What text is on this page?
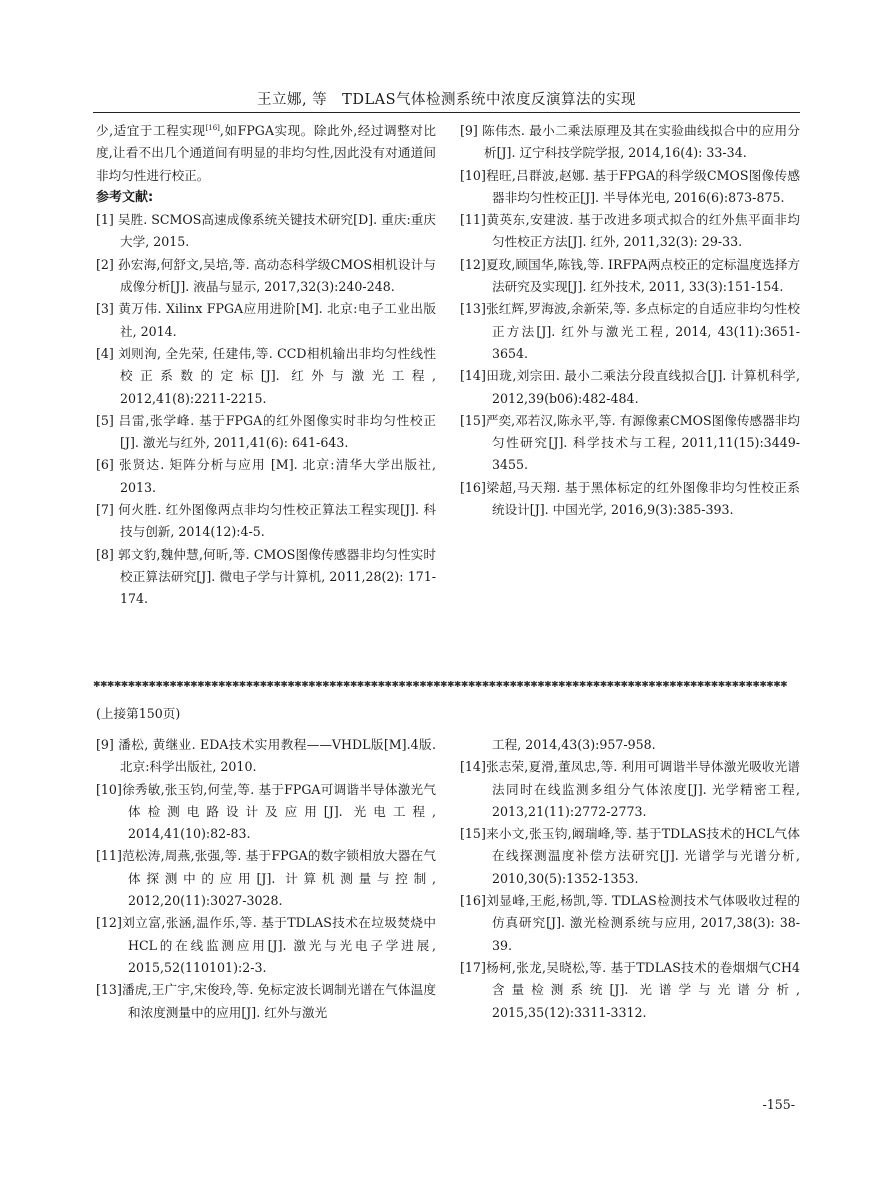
王立娜, 等　TDLAS气体检测系统中浓度反演算法的实现
少,适宜于工程实现[16],如FPGA实现。除此外,经过调整对比度,让看不出几个通道间有明显的非均匀性,因此没有对通道间非均匀性进行校正。
参考文献:
[1] 吴胜. SCMOS高速成像系统关键技术研究[D]. 重庆:重庆大学, 2015.
[2] 孙宏海,何舒文,吴培,等. 高动态科学级CMOS相机设计与成像分析[J]. 液晶与显示, 2017,32(3):240-248.
[3] 黄万伟. Xilinx FPGA应用进阶[M]. 北京:电子工业出版社, 2014.
[4] 刘则洵, 全先荣, 任建伟,等. CCD相机输出非均匀性线性校正系数的定标[J]. 红外与激光工程, 2012,41(8):2211-2215.
[5] 吕雷,张学峰. 基于FPGA的红外图像实时非均匀性校正[J]. 激光与红外, 2011,41(6): 641-643.
[6] 张贤达. 矩阵分析与应用 [M]. 北京:清华大学出版社, 2013.
[7] 何火胜. 红外图像两点非均匀性校正算法工程实现[J]. 科技与创新, 2014(12):4-5.
[8] 郭文豹,魏仲慧,何昕,等. CMOS图像传感器非均匀性实时校正算法研究[J]. 微电子学与计算机, 2011,28(2): 171-174.
[9] 陈伟杰. 最小二乘法原理及其在实验曲线拟合中的应用分析[J]. 辽宁科技学院学报, 2014,16(4): 33-34.
[10]程旺,吕群波,赵娜. 基于FPGA的科学级CMOS图像传感器非均匀性校正[J]. 半导体光电, 2016(6):873-875.
[11]黄英东,安建波. 基于改进多项式拟合的红外焦平面非均匀性校正方法[J]. 红外, 2011,32(3): 29-33.
[12]夏玫,顾国华,陈钱,等. IRFPA两点校正的定标温度选择方法研究及实现[J]. 红外技术, 2011, 33(3):151-154.
[13]张红辉,罗海波,余新荣,等. 多点标定的自适应非均匀性校正方法[J]. 红外与激光工程, 2014, 43(11):3651-3654.
[14]田珑,刘宗田. 最小二乘法分段直线拟合[J]. 计算机科学, 2012,39(b06):482-484.
[15]严奕,邓若汉,陈永平,等. 有源像素CMOS图像传感器非均匀性研究[J]. 科学技术与工程, 2011,11(15):3449-3455.
[16]梁超,马天翔. 基于黑体标定的红外图像非均匀性校正系统设计[J]. 中国光学, 2016,9(3):385-393.
✱✱✱✱✱✱✱✱✱✱✱✱✱✱✱✱✱✱✱✱✱✱✱✱✱✱✱✱✱✱✱✱✱✱✱✱✱✱✱✱✱✱✱✱✱✱✱✱✱✱✱✱✱✱✱✱✱✱✱✱✱✱✱✱✱✱✱✱✱✱✱✱✱✱✱✱✱✱✱✱✱✱✱✱✱✱✱✱✱✱✱✱✱✱✱✱✱✱✱✱
(上接第150页)
[9] 潘松, 黄继业. EDA技术实用教程——VHDL版[M].4版. 北京:科学出版社, 2010.
[10]徐秀敏,张玉钧,何莹,等. 基于FPGA可调谐半导体激光气体检测电路设计及应用[J]. 光电工程, 2014,41(10):82-83.
[11]范松涛,周燕,张强,等. 基于FPGA的数字锁相放大器在气体探测中的应用[J]. 计算机测量与控制, 2012,20(11):3027-3028.
[12]刘立富,张涵,温作乐,等. 基于TDLAS技术在垃圾焚烧中HCL的在线监测应用[J]. 激光与光电子学进展, 2015,52(110101):2-3.
[13]潘虎,王广宇,宋俊玲,等. 免标定波长调制光谱在气体温度和浓度测量中的应用[J]. 红外与激光
工程, 2014,43(3):957-958.
[14]张志荣,夏滑,董凤忠,等. 利用可调谐半导体激光吸收光谱法同时在线监测多组分气体浓度[J]. 光学精密工程, 2013,21(11):2772-2773.
[15]来小文,张玉钧,阚瑞峰,等. 基于TDLAS技术的HCL气体在线探测温度补偿方法研究[J]. 光谱学与光谱分析, 2010,30(5):1352-1353.
[16]刘显峰,王彪,杨凯,等. TDLAS检测技术气体吸收过程的仿真研究[J]. 激光检测系统与应用, 2017,38(3): 38-39.
[17]杨柯,张龙,吴晓松,等. 基于TDLAS技术的卷烟烟气CH4含量检测系统[J]. 光谱学与光谱分析, 2015,35(12):3311-3312.
-155-
